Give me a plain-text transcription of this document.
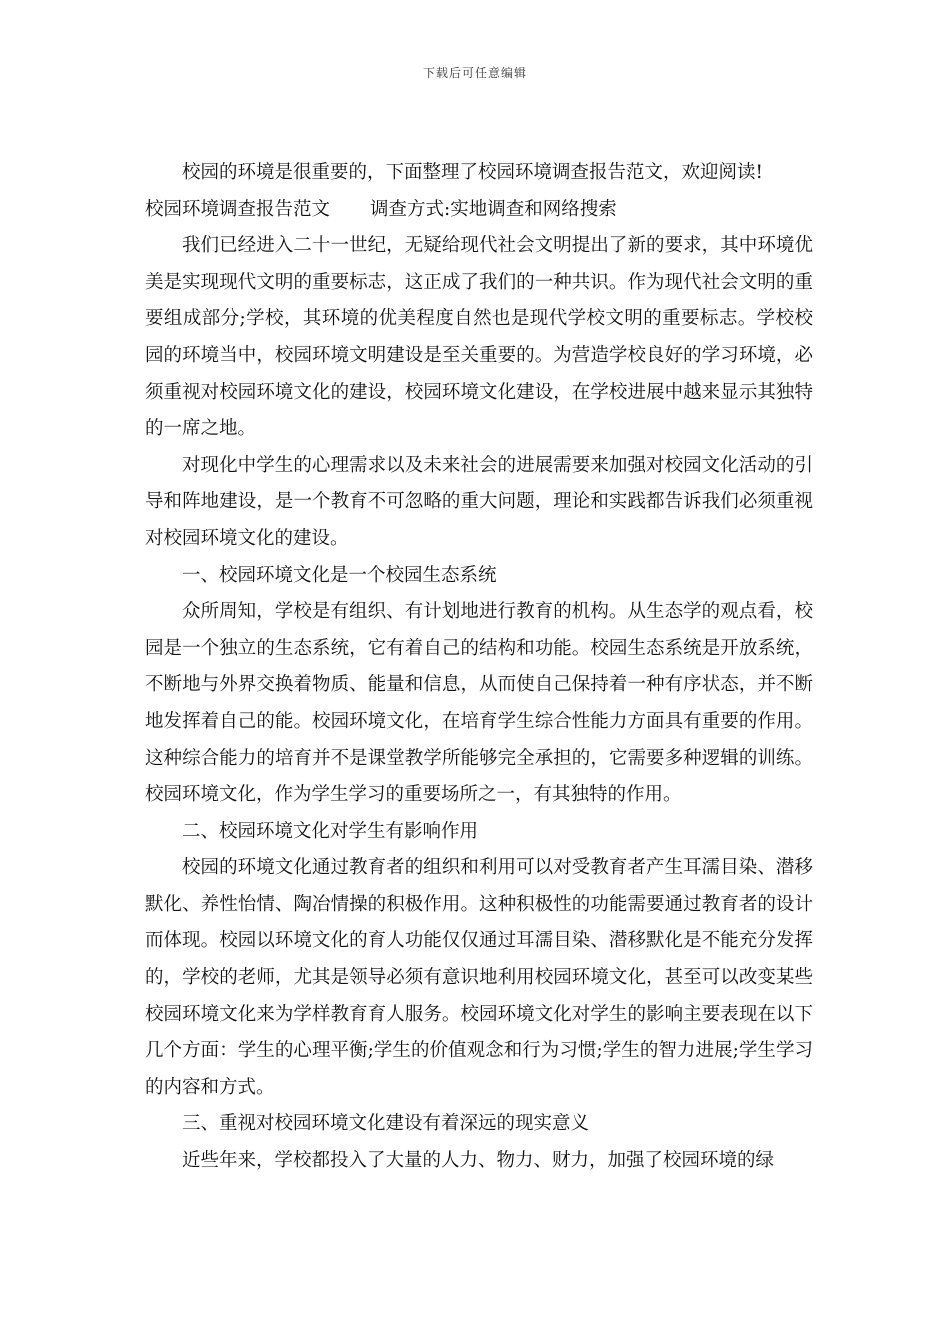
下载后可任意编辑

校园的环境是很重要的，下面整理了校园环境调查报告范文，欢迎阅读!

校园环境调查报告范文 调查方式:实地调查和网络搜索

我们已经进入二十一世纪，无疑给现代社会文明提出了新的要求，其中环境优美是实现现代文明的重要标志，这正成了我们的一种共识。作为现代社会文明的重要组成部分;学校，其环境的优美程度自然也是现代学校文明的重要标志。学校校园的环境当中，校园环境文明建设是至关重要的。为营造学校良好的学习环境，必须重视对校园环境文化的建设，校园环境文化建设，在学校进展中越来显示其独特的一席之地。

对现化中学生的心理需求以及未来社会的进展需要来加强对校园文化活动的引导和阵地建设，是一个教育不可忽略的重大问题，理论和实践都告诉我们必须重视对校园环境文化的建设。

一、校园环境文化是一个校园生态系统

众所周知，学校是有组织、有计划地进行教育的机构。从生态学的观点看，校园是一个独立的生态系统，它有着自己的结构和功能。校园生态系统是开放系统，不断地与外界交换着物质、能量和信息，从而使自己保持着一种有序状态，并不断地发挥着自己的能。校园环境文化，在培育学生综合性能力方面具有重要的作用。这种综合能力的培育并不是课堂教学所能够完全承担的，它需要多种逻辑的训练。校园环境文化，作为学生学习的重要场所之一，有其独特的作用。

二、校园环境文化对学生有影响作用

校园的环境文化通过教育者的组织和利用可以对受教育者产生耳濡目染、潜移默化、养性怡情、陶冶情操的积极作用。这种积极性的功能需要通过教育者的设计而体现。校园以环境文化的育人功能仅仅通过耳濡目染、潜移默化是不能充分发挥的，学校的老师，尤其是领导必须有意识地利用校园环境文化，甚至可以改变某些校园环境文化来为学样教育育人服务。校园环境文化对学生的影响主要表现在以下几个方面：学生的心理平衡;学生的价值观念和行为习惯;学生的智力进展;学生学习的内容和方式。

三、重视对校园环境文化建设有着深远的现实意义

近些年来，学校都投入了大量的人力、物力、财力，加强了校园环境的绿
